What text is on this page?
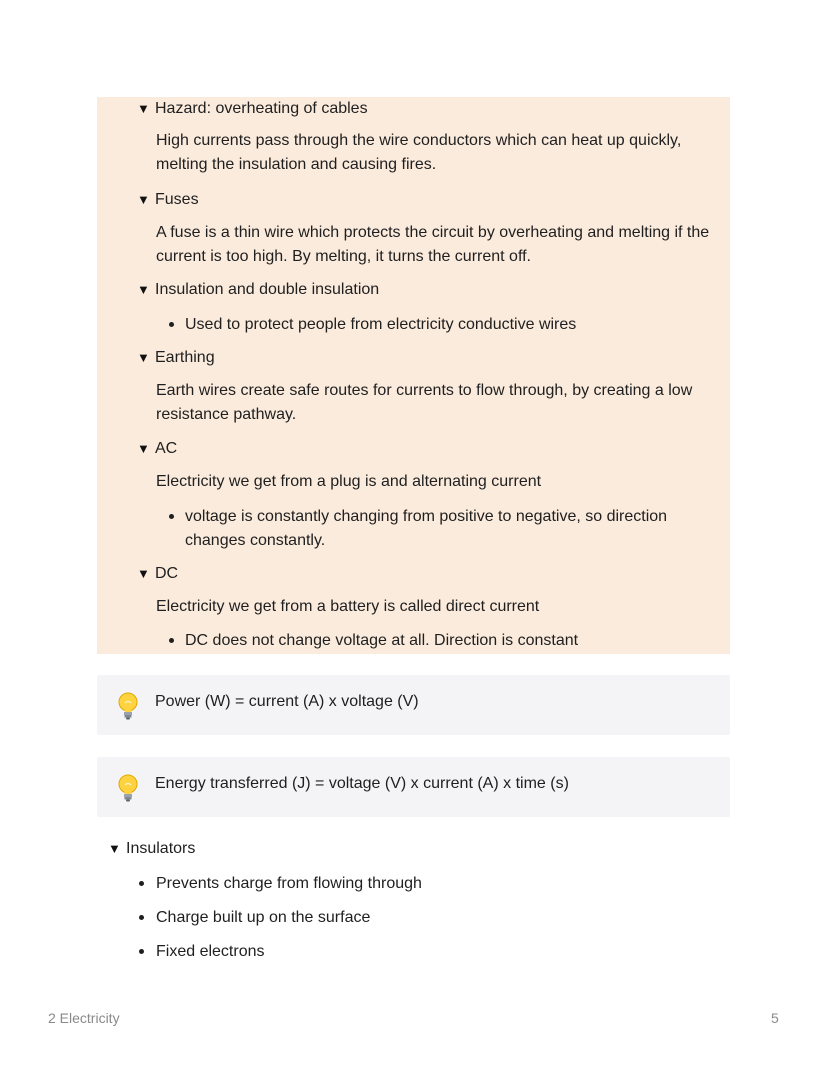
▼ Hazard: overheating of cables
High currents pass through the wire conductors which can heat up quickly,
melting the insulation and causing fires.
▼ Fuses
A fuse is a thin wire which protects the circuit by overheating and melting if the
current is too high. By melting, it turns the current off.
▼ Insulation and double insulation
Used to protect people from electricity conductive wires
▼ Earthing
Earth wires create safe routes for currents to flow through, by creating a low
resistance pathway.
▼ AC
Electricity we get from a plug is and alternating current
voltage is constantly changing from positive to negative, so direction
changes constantly.
▼ DC
Electricity we get from a battery is called direct current
DC does not change voltage at all. Direction is constant
Power (W) = current (A) x voltage (V)
Energy transferred (J) = voltage (V) x current (A) x time (s)
▼ Insulators
Prevents charge from flowing through
Charge built up on the surface
Fixed electrons
2 Electricity	5
